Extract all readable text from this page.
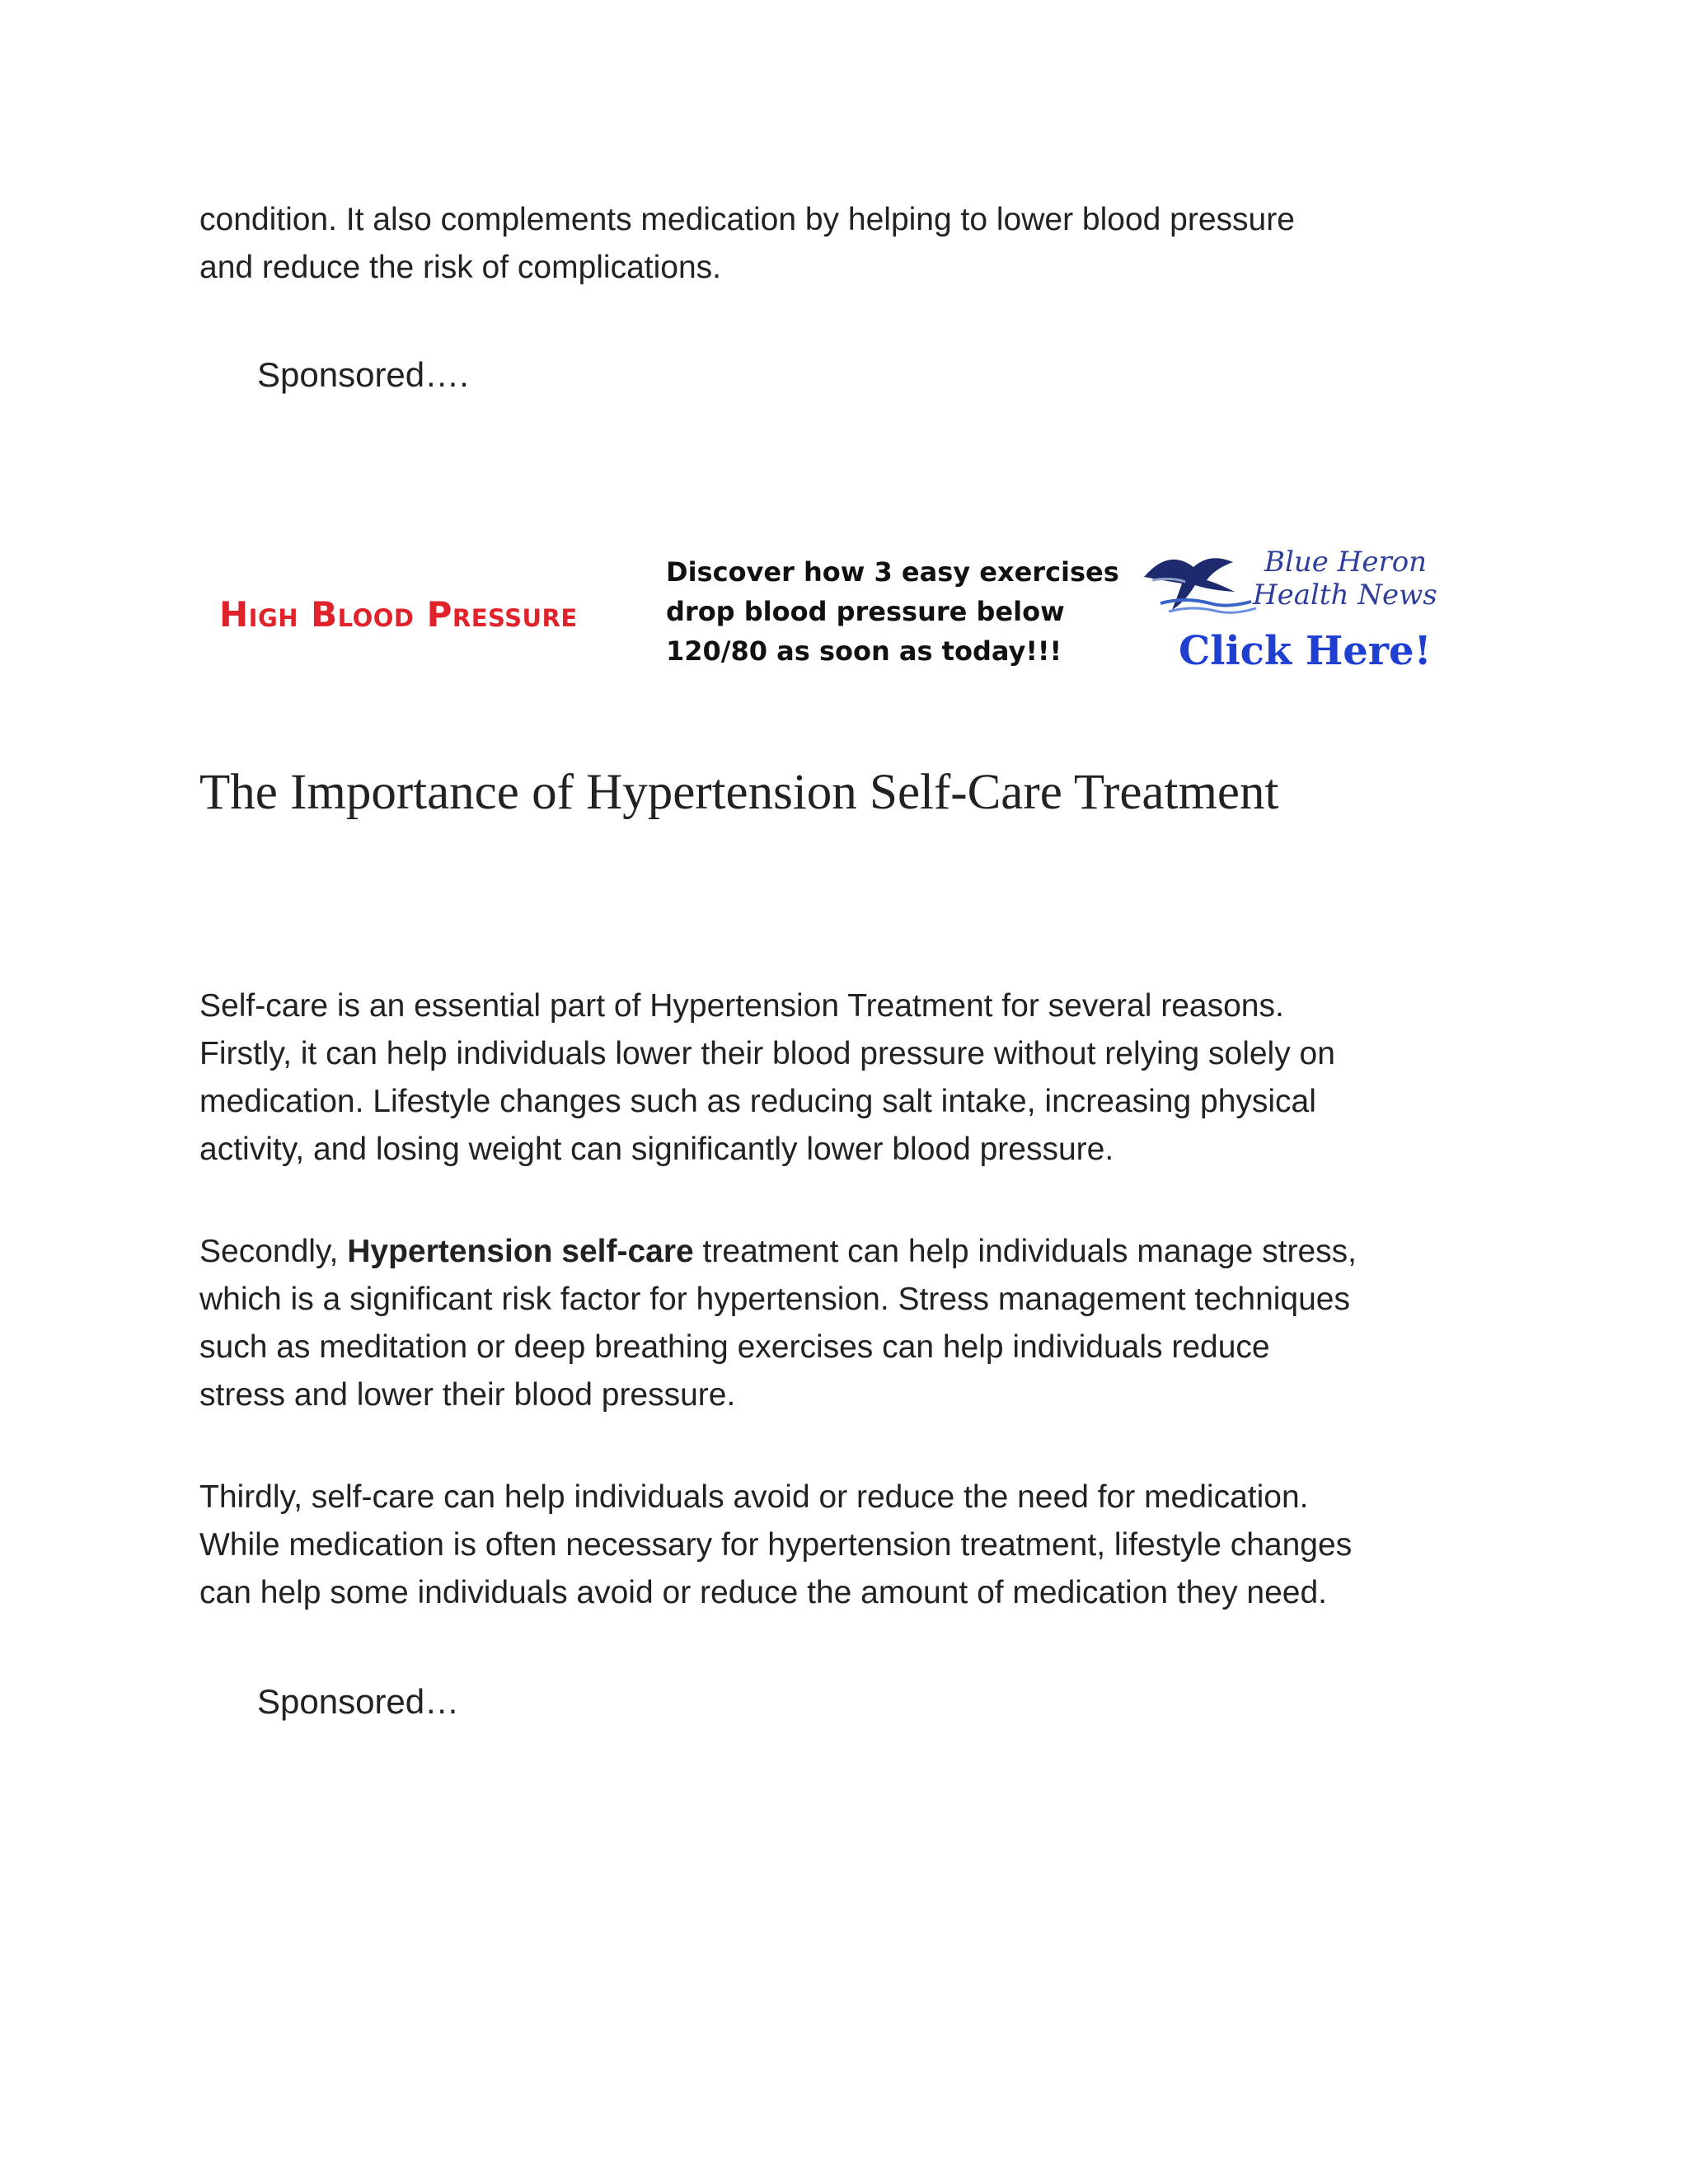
condition. It also complements medication by helping to lower blood pressure
and reduce the risk of complications.

Sponsored….

High Blood Pressure
Discover how 3 easy exercises
drop blood pressure below
120/80 as soon as today!!!
Blue Heron
Health News
Click Here!
The Importance of Hypertension Self-Care Treatment

Self-care is an essential part of Hypertension Treatment for several reasons.
Firstly, it can help individuals lower their blood pressure without relying solely on
medication. Lifestyle changes such as reducing salt intake, increasing physical
activity, and losing weight can significantly lower blood pressure.

Secondly, Hypertension self-care treatment can help individuals manage stress,
which is a significant risk factor for hypertension. Stress management techniques
such as meditation or deep breathing exercises can help individuals reduce
stress and lower their blood pressure.

Thirdly, self-care can help individuals avoid or reduce the need for medication.
While medication is often necessary for hypertension treatment, lifestyle changes
can help some individuals avoid or reduce the amount of medication they need.

Sponsored…
